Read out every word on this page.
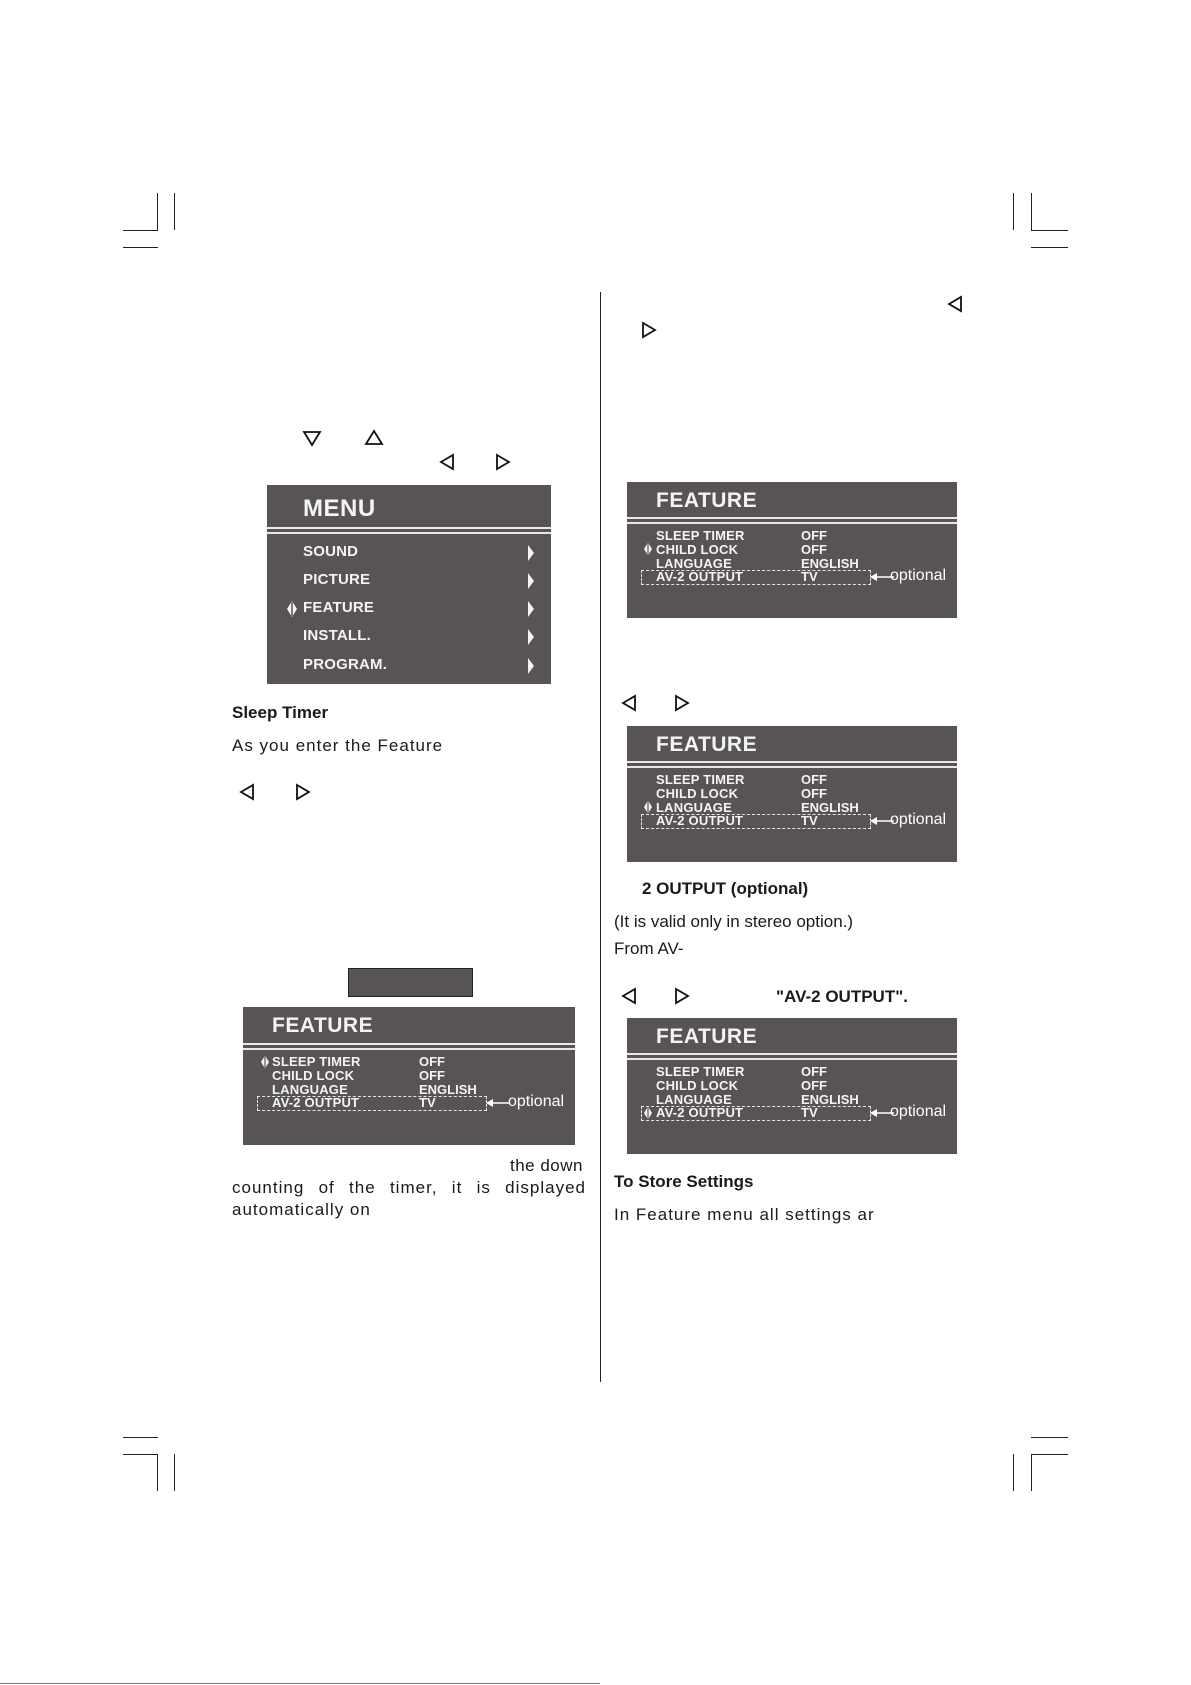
MENU
SOUND
PICTURE
FEATURE
INSTALL.
PROGRAM.
Sleep Timer
As you enter the Feature
FEATURE
SLEEP TIMER	OFF
CHILD LOCK	OFF
LANGUAGE	ENGLISH
AV-2 OUTPUT	TV	optional
the down
counting of the timer, it is displayed
automatically on
FEATURE
SLEEP TIMER	OFF
CHILD LOCK	OFF
LANGUAGE	ENGLISH
AV-2 OUTPUT	TV	optional
FEATURE
SLEEP TIMER	OFF
CHILD LOCK	OFF
LANGUAGE	ENGLISH
AV-2 OUTPUT	TV	optional
2 OUTPUT (optional)
(It is valid only in stereo option.)
From AV-
"AV-2 OUTPUT".
FEATURE
SLEEP TIMER	OFF
CHILD LOCK	OFF
LANGUAGE	ENGLISH
AV-2 OUTPUT	TV	optional
To Store Settings
In Feature menu all settings ar
